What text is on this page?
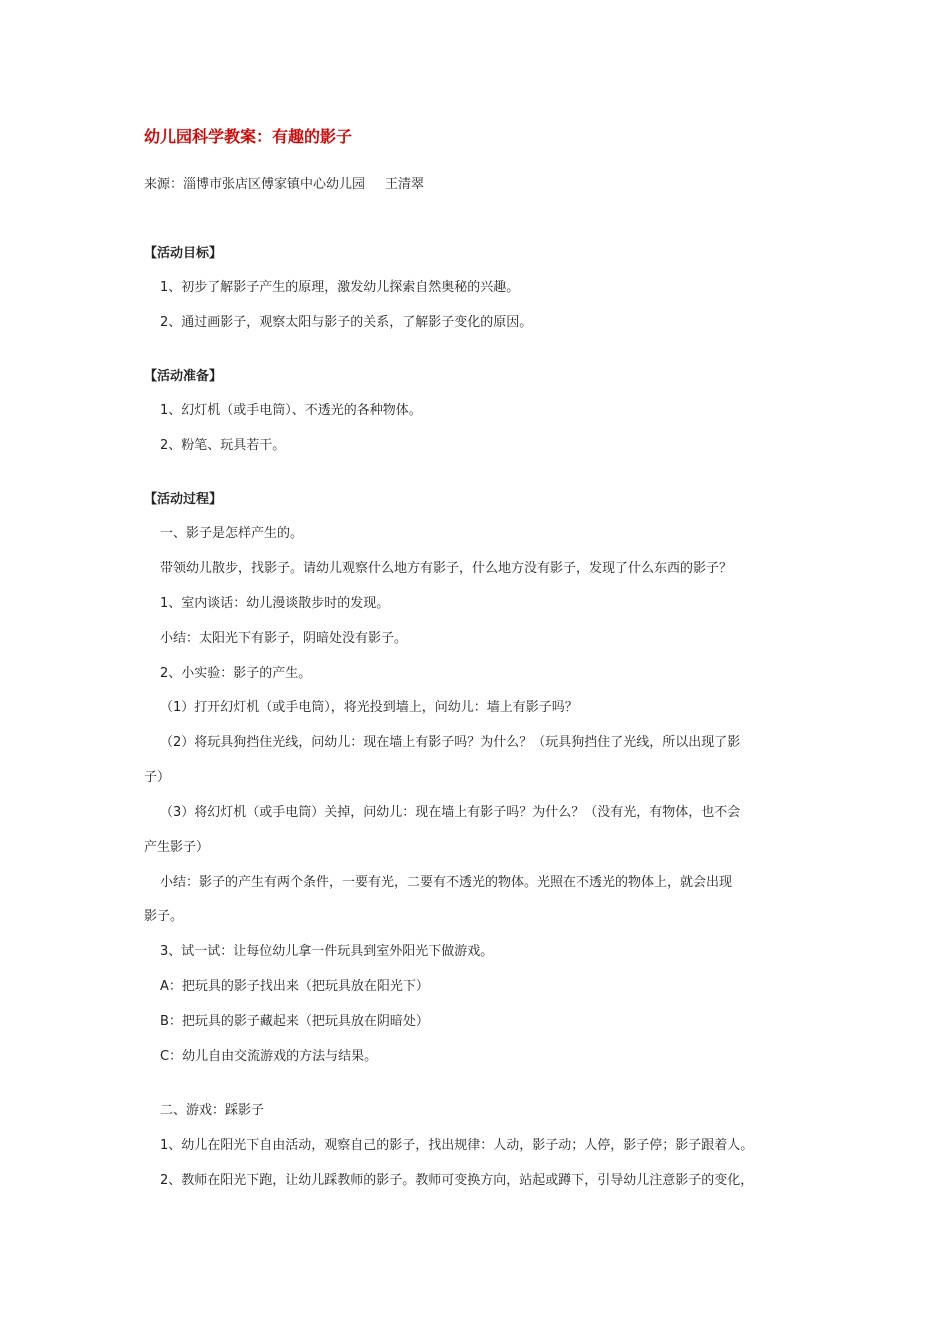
幼儿园科学教案：有趣的影子
来源：淄博市张店区傅家镇中心幼儿园 王清翠
【活动目标】
1、初步了解影子产生的原理，激发幼儿探索自然奥秘的兴趣。
2、通过画影子，观察太阳与影子的关系，了解影子变化的原因。
【活动准备】
1、幻灯机（或手电筒）、不透光的各种物体。
2、粉笔、玩具若干。
【活动过程】
一、影子是怎样产生的。
带领幼儿散步，找影子。请幼儿观察什么地方有影子，什么地方没有影子，发现了什么东西的影子？
1、室内谈话：幼儿漫谈散步时的发现。
小结：太阳光下有影子，阴暗处没有影子。
2、小实验：影子的产生。
（1）打开幻灯机（或手电筒），将光投到墙上，问幼儿：墙上有影子吗？
（2）将玩具狗挡住光线，问幼儿：现在墙上有影子吗？为什么？（玩具狗挡住了光线，所以出现了影
子）
（3）将幻灯机（或手电筒）关掉，问幼儿：现在墙上有影子吗？为什么？（没有光，有物体，也不会
产生影子）
小结：影子的产生有两个条件，一要有光，二要有不透光的物体。光照在不透光的物体上，就会出现
影子。
3、试一试：让每位幼儿拿一件玩具到室外阳光下做游戏。
A：把玩具的影子找出来（把玩具放在阳光下）
B：把玩具的影子藏起来（把玩具放在阴暗处）
C：幼儿自由交流游戏的方法与结果。
二、游戏：踩影子
1、幼儿在阳光下自由活动，观察自己的影子，找出规律：人动，影子动；人停，影子停；影子跟着人。
2、教师在阳光下跑，让幼儿踩教师的影子。教师可变换方向，站起或蹲下，引导幼儿注意影子的变化，
